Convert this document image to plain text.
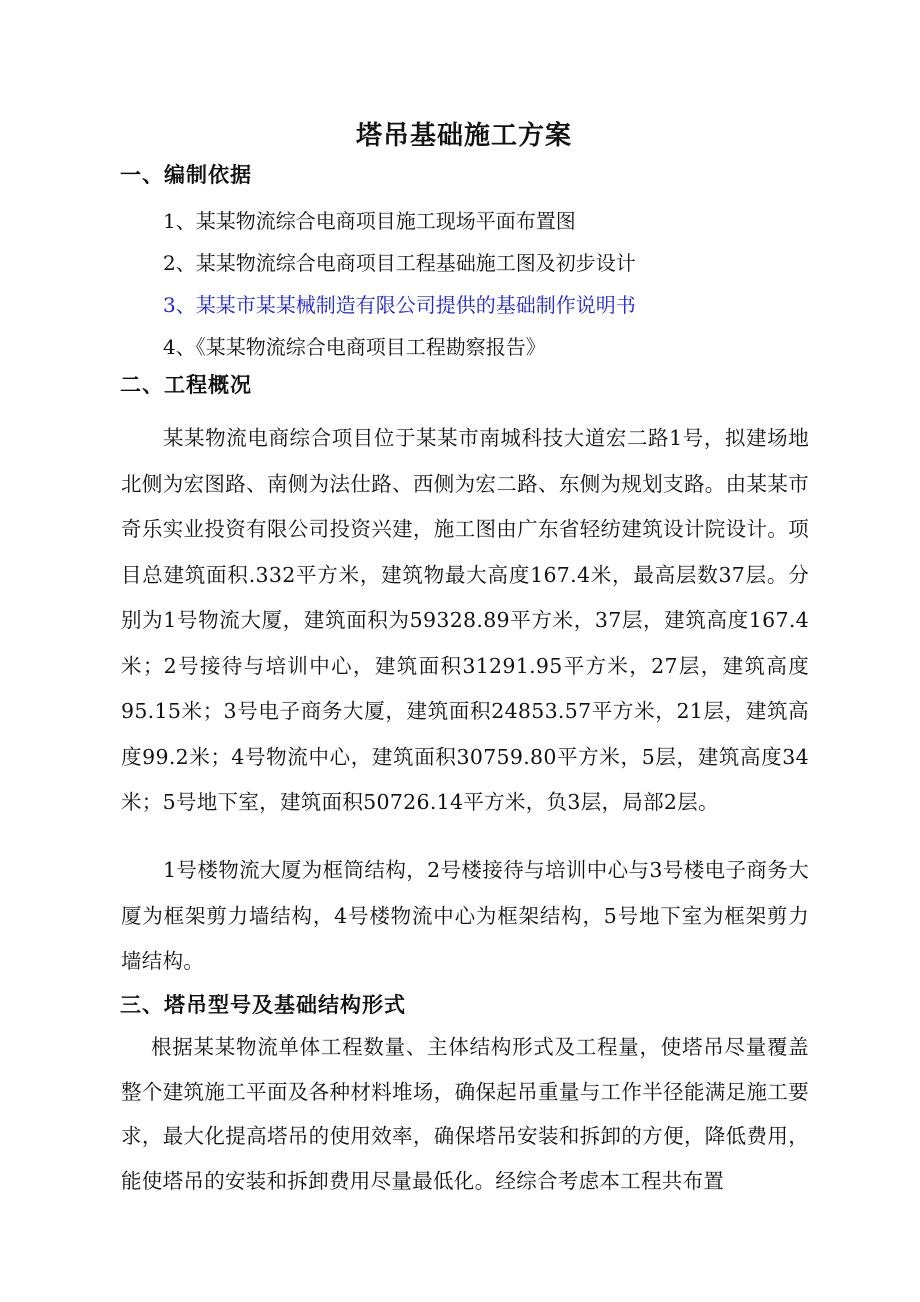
塔吊基础施工方案
一、编制依据
1、某某物流综合电商项目施工现场平面布置图
2、某某物流综合电商项目工程基础施工图及初步设计
3、某某市某某械制造有限公司提供的基础制作说明书
4、《某某物流综合电商项目工程勘察报告》
二、工程概况

某某物流电商综合项目位于某某市南城科技大道宏二路1号，拟建场地北侧为宏图路、南侧为法仕路、西侧为宏二路、东侧为规划支路。由某某市奇乐实业投资有限公司投资兴建，施工图由广东省轻纺建筑设计院设计。项目总建筑面积.332平方米，建筑物最大高度167.4米，最高层数37层。分别为1号物流大厦，建筑面积为59328.89平方米，37层，建筑高度167.4米；2号接待与培训中心，建筑面积31291.95平方米，27层，建筑高度95.15米；3号电子商务大厦，建筑面积24853.57平方米，21层，建筑高度99.2米；4号物流中心，建筑面积30759.80平方米，5层，建筑高度34米；5号地下室，建筑面积50726.14平方米，负3层，局部2层。

1号楼物流大厦为框筒结构，2号楼接待与培训中心与3号楼电子商务大厦为框架剪力墙结构，4号楼物流中心为框架结构，5号地下室为框架剪力墙结构。

三、塔吊型号及基础结构形式

根据某某物流单体工程数量、主体结构形式及工程量，使塔吊尽量覆盖整个建筑施工平面及各种材料堆场，确保起吊重量与工作半径能满足施工要求，最大化提高塔吊的使用效率，确保塔吊安装和拆卸的方便，降低费用，能使塔吊的安装和拆卸费用尽量最低化。经综合考虑本工程共布置
